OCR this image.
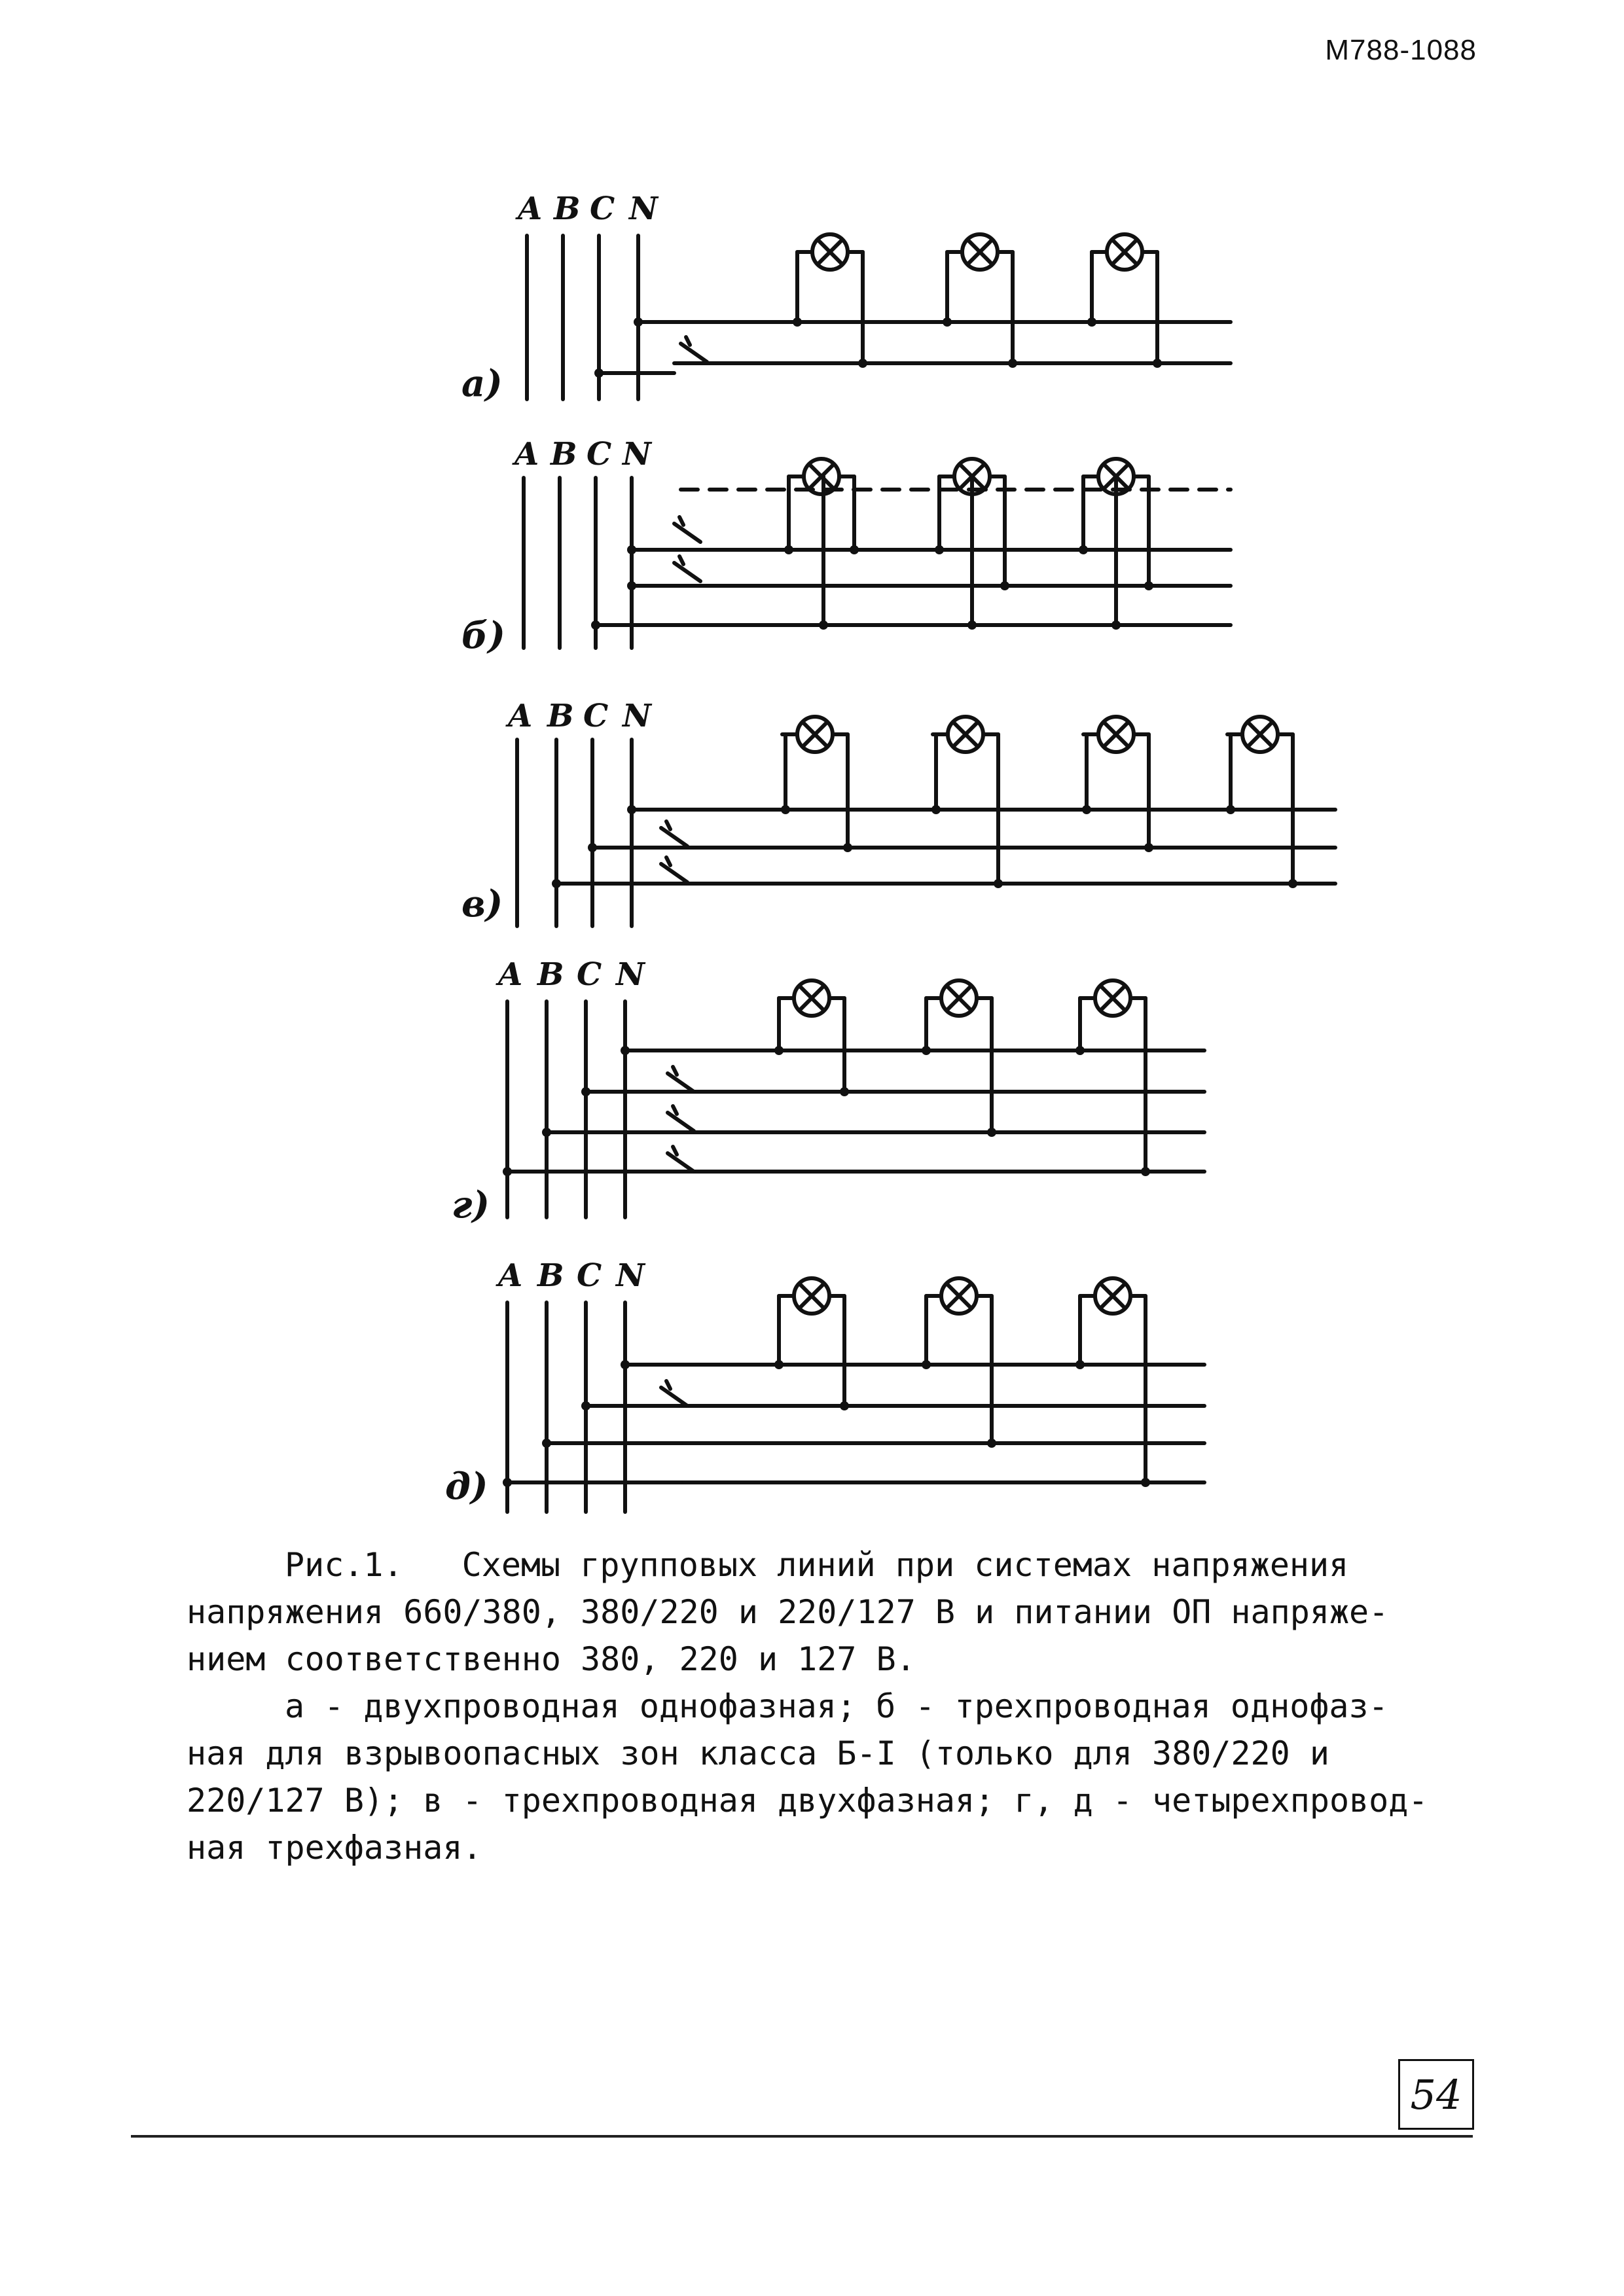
М788-1088
A B C N
а)
A B C N
б)
A B C N
в)
A B C N
г)
A B C N
д)

Рис.1. Схемы групповых линий при системах напряжения

напряжения 660/380, 380/220 и 220/127 В и питании ОП напряже-

нием соответственно 380, 220 и 127 В.

а - двухпроводная однофазная; б - трехпроводная однофаз-

ная для взрывоопасных зон класса Б-I (только для 380/220 и

220/127 В); в - трехпроводная двухфазная; г, д - четырехпровод-

ная трехфазная.

54
